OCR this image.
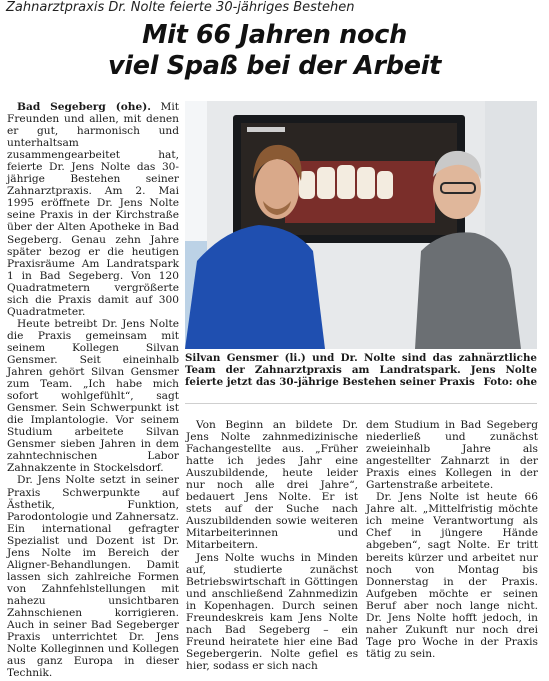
Zahnarztpraxis Dr. Nolte feierte 30-jähriges Bestehen
Mit 66 Jahren noch
viel Spaß bei der Arbeit

Bad Segeberg (ohe). Mit Freunden und allen, mit denen er gut, harmonisch und unterhaltsam zusammengearbeitet hat, feierte Dr. Jens Nolte das 30-jährige Bestehen seiner Zahnarztpraxis. Am 2. Mai 1995 eröffnete Dr. Jens Nolte seine Praxis in der Kirchstraße über der Alten Apotheke in Bad Segeberg. Genau zehn Jahre später bezog er die heutigen Praxisräume Am Landratspark 1 in Bad Segeberg. Von 120 Quadratmetern vergrößerte sich die Praxis damit auf 300 Quadratmeter.

Heute betreibt Dr. Jens Nolte die Praxis gemeinsam mit seinem Kollegen Silvan Gensmer. Seit eineinhalb Jahren gehört Silvan Gensmer zum Team. „Ich habe mich sofort wohlgefühlt“, sagt Gensmer. Sein Schwerpunkt ist die Implantologie. Vor seinem Studium arbeitete Silvan Gensmer sieben Jahren in dem zahntechnischen Labor Zahnakzente in Stockelsdorf.

Dr. Jens Nolte setzt in seiner Praxis Schwerpunkte auf Ästhetik, Funktion, Parodontologie und Zahnersatz. Ein international gefragter Spezialist und Dozent ist Dr. Jens Nolte im Bereich der Aligner-Behandlungen. Damit lassen sich zahlreiche Formen von Zahnfehlstellungen mit nahezu unsichtbaren Zahnschienen korrigieren. Auch in seiner Bad Segeberger Praxis unterrichtet Dr. Jens Nolte Kolleginnen und Kollegen aus ganz Europa in dieser Technik.

Silvan Gensmer (li.) und Dr. Nolte sind das zahnärztliche Team der Zahnarztpraxis am Landratspark. Jens Nolte feierte jetzt das 30-jährige Bestehen seiner Praxis Foto: ohe

Von Beginn an bildete Dr. Jens Nolte zahnmedizinische Fachangestellte aus. „Früher hatte ich jedes Jahr eine Auszubildende, heute leider nur noch alle drei Jahre“, bedauert Jens Nolte. Er ist stets auf der Suche nach Auszubildenden sowie weiteren Mitarbeiterinnen und Mitarbeitern.

Jens Nolte wuchs in Minden auf, studierte zunächst Betriebswirtschaft in Göttingen und anschließend Zahnmedizin in Kopenhagen. Durch seinen Freundeskreis kam Jens Nolte nach Bad Segeberg – ein Freund heiratete hier eine Bad Segebergerin. Nolte gefiel es hier, sodass er sich nach

dem Studium in Bad Segeberg niederließ und zunächst zweieinhalb Jahre als angestellter Zahnarzt in der Praxis eines Kollegen in der Gartenstraße arbeitete.

Dr. Jens Nolte ist heute 66 Jahre alt. „Mittelfristig möchte ich meine Verantwortung als Chef in jüngere Hände abgeben“, sagt Nolte. Er tritt bereits kürzer und arbeitet nur noch von Montag bis Donnerstag in der Praxis. Aufgeben möchte er seinen Beruf aber noch lange nicht. Dr. Jens Nolte hofft jedoch, in naher Zukunft nur noch drei Tage pro Woche in der Praxis tätig zu sein.
